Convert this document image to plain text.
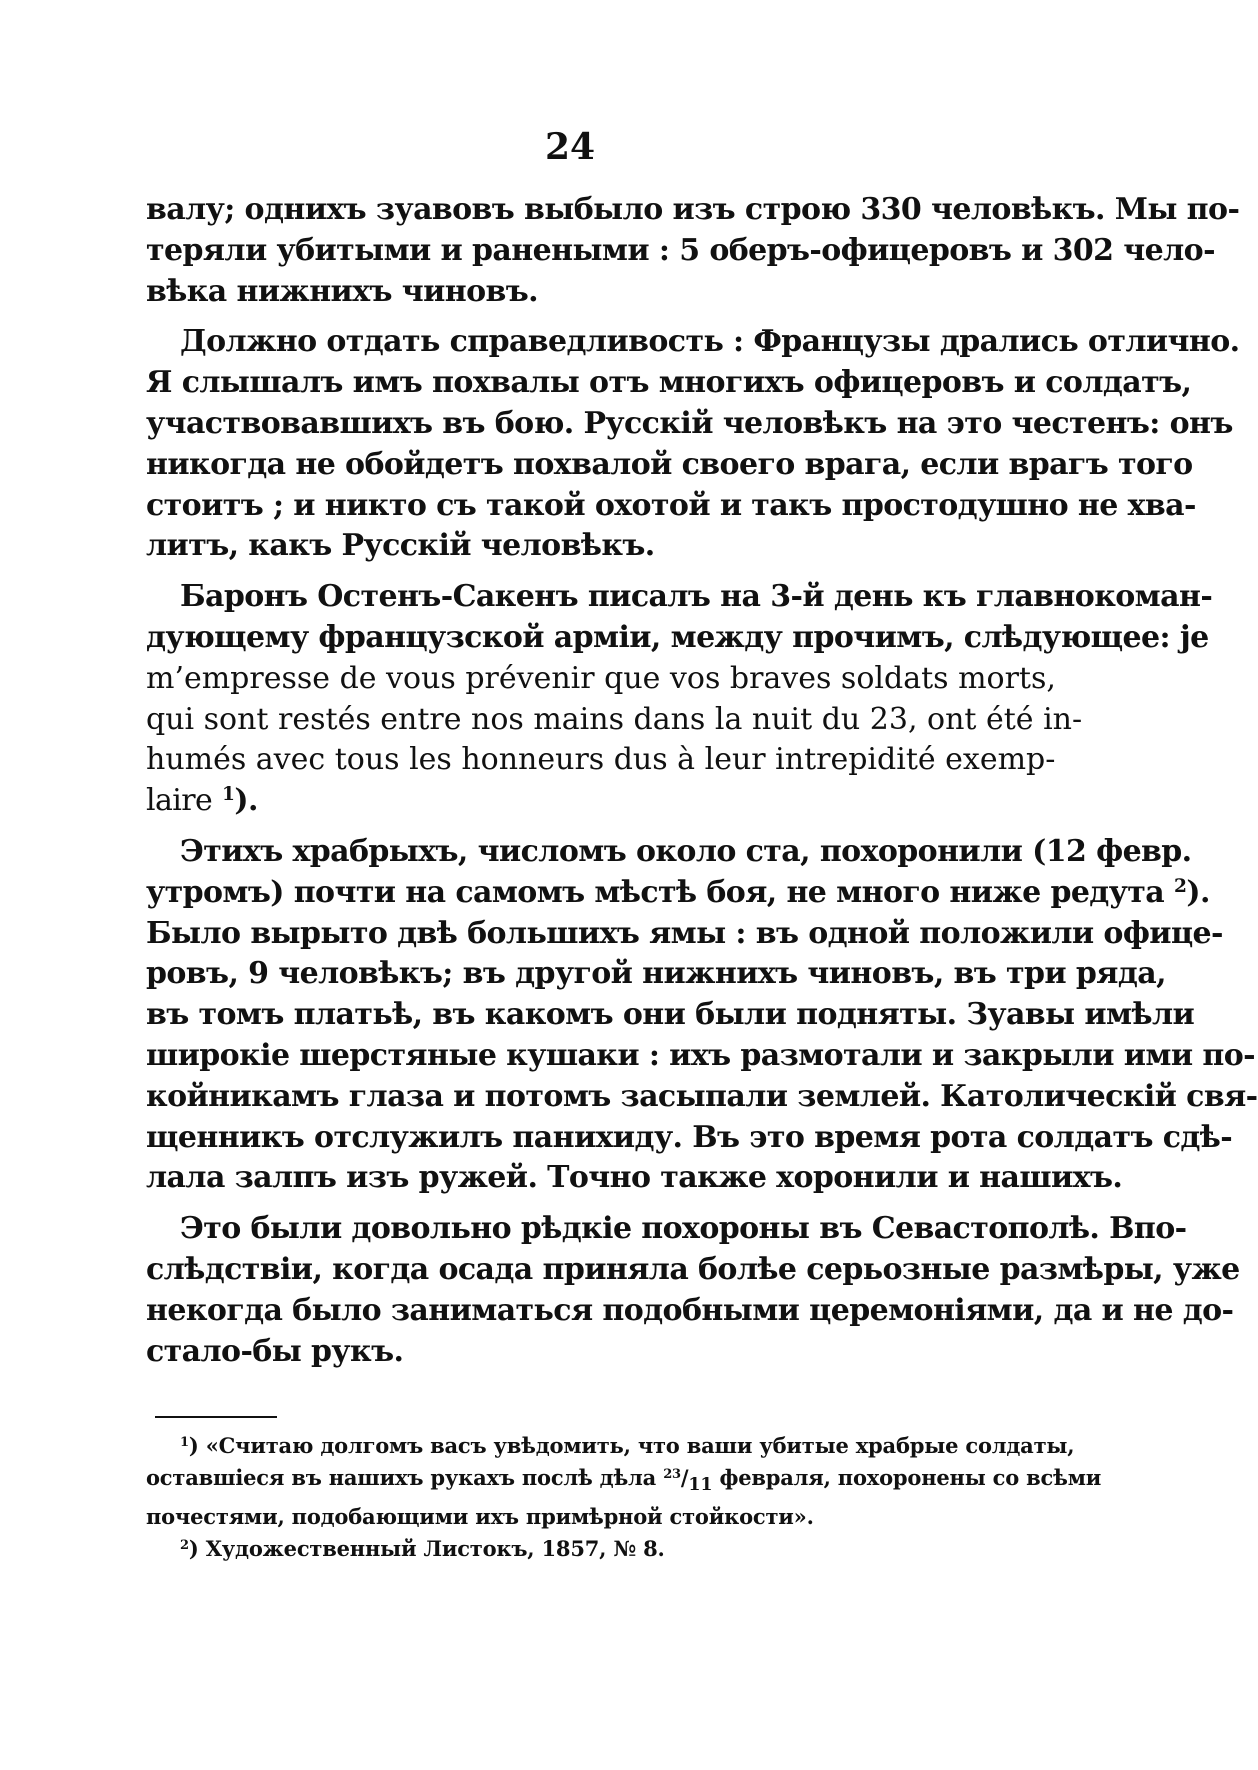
24

валу; однихъ зуавовъ выбыло изъ строю 330 человѣкъ. Мы по-
теряли убитыми и ранеными : 5 оберъ-офицеровъ и 302 чело-
вѣка нижнихъ чиновъ.

Должно отдать справедливость : Французы дрались отлично.
Я слышалъ имъ похвалы отъ многихъ офицеровъ и солдатъ,
участвовавшихъ въ бою. Русскій человѣкъ на это честенъ: онъ
никогда не обойдетъ похвалой своего врага, если врагъ того
стоитъ ; и никто съ такой охотой и такъ простодушно не хва-
литъ, какъ Русскій человѣкъ.

Баронъ Остенъ-Сакенъ писалъ на 3-й день къ главнокоман-
дующему французской арміи, между прочимъ, слѣдующее: je
m’empresse de vous prévenir que vos braves soldats morts,
qui sont restés entre nos mains dans la nuit du 23, ont été in-
humés avec tous les honneurs dus à leur intrepidité exemp-
laire $^1$).

Этихъ храбрыхъ, числомъ около ста, похоронили (12 февр.
утромъ) почти на самомъ мѣстѣ боя, не много ниже редута $^2$).
Было вырыто двѣ большихъ ямы : въ одной положили офице-
ровъ, 9 человѣкъ; въ другой нижнихъ чиновъ, въ три ряда,
въ томъ платьѣ, въ какомъ они были подняты. Зуавы имѣли
широкіе шерстяные кушаки : ихъ размотали и закрыли ими по-
койникамъ глаза и потомъ засыпали землей. Католическій свя-
щенникъ отслужилъ панихиду. Въ это время рота солдатъ сдѣ-
лала залпъ изъ ружей. Точно также хоронили и нашихъ.

Это были довольно рѣдкіе похороны въ Севастополѣ. Впо-
слѣдствіи, когда осада приняла болѣе серьозные размѣры, уже
некогда было заниматься подобными церемоніями, да и не до-
стало-бы рукъ.

$^1$) «Считаю долгомъ васъ увѣдомить, что ваши убитые храбрые солдаты,
оставшіеся въ нашихъ рукахъ послѣ дѣла $^{23}/_{11}$ февраля, похоронены со всѣми
почестями, подобающими ихъ примѣрной стойкости».

$^2$) Художественный Листокъ, 1857, № 8.
